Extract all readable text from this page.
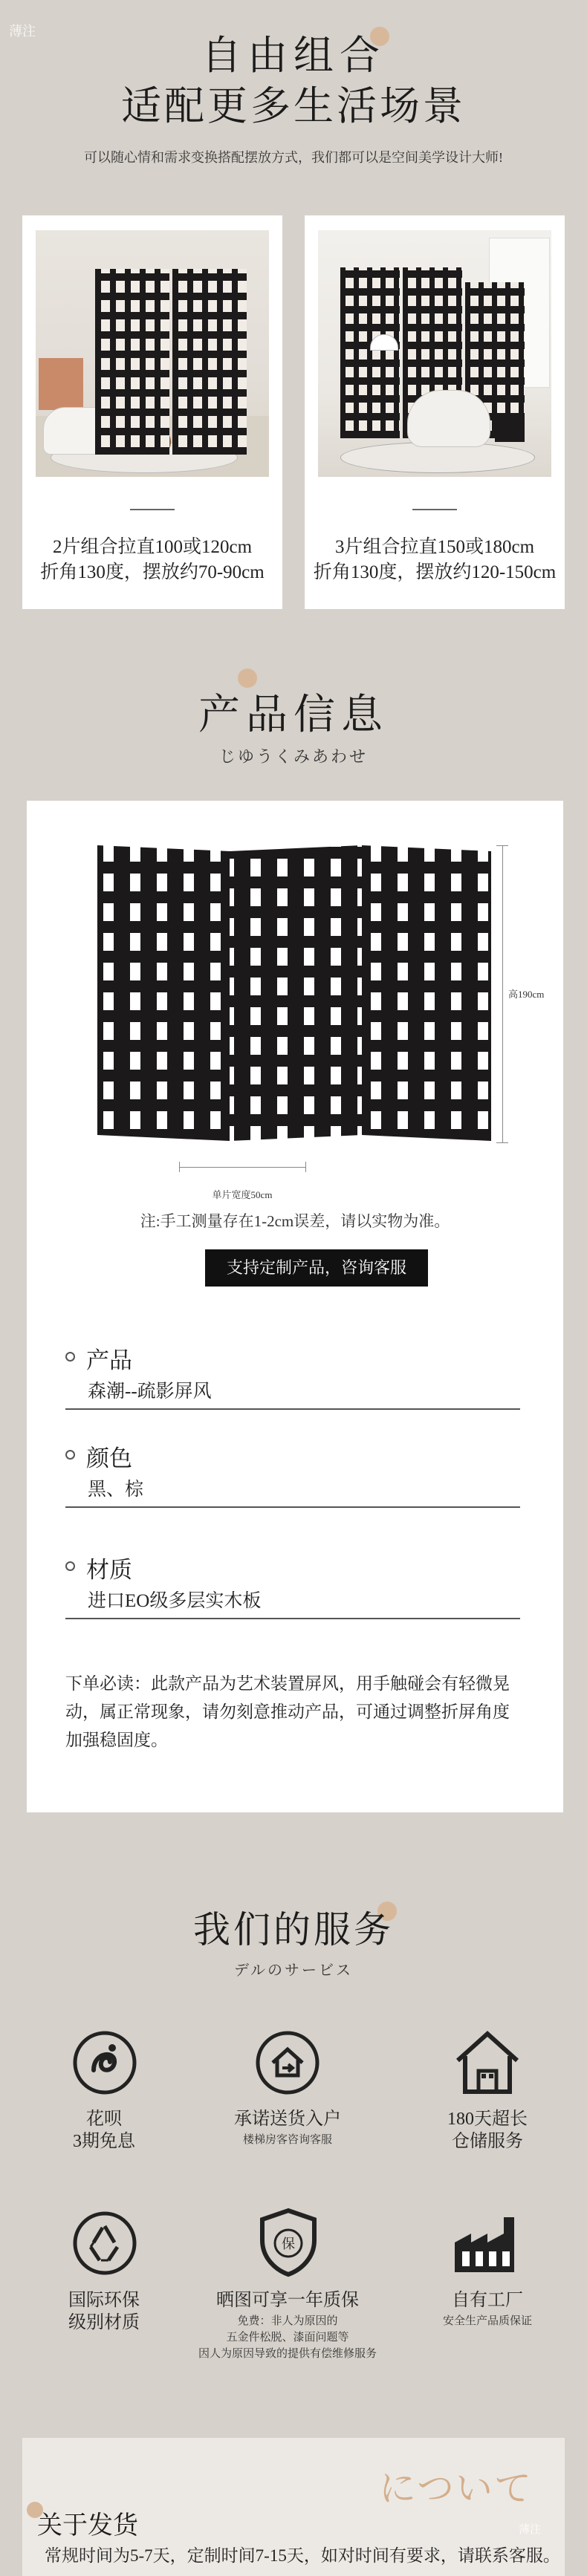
薄注
自由组合
适配更多生活场景
可以随心情和需求变换搭配摆放方式，我们都可以是空间美学设计大师!
2片组合拉直100或120cm
折角130度，摆放约70-90cm
3片组合拉直150或180cm
折角130度，摆放约120-150cm
产品信息
じゆうくみあわせ
高190cm
单片宽度50cm
注:手工测量存在1-2cm误差，请以实物为准。
支持定制产品，咨询客服
产品
森潮--疏影屏风
颜色
黑、棕
材质
进口EO级多层实木板
下单必读：此款产品为艺术装置屏风，用手触碰会有轻微晃
动，属正常现象，请勿刻意推动产品，可通过调整折屏角度
加强稳固度。
我们的服务
デルのサービス
花呗
3期免息
承诺送货入户
楼梯房客咨询客服
180天超长
仓储服务
国际环保
级别材质
保
晒图可享一年质保
免费：非人为原因的
五金件松脱、漆面问题等
因人为原因导致的提供有偿维修服务
自有工厂
安全生产品质保证
について
关于发货
常规时间为5-7天，定制时间7-15天，如对时间有要求，请联系客服。
薄注
